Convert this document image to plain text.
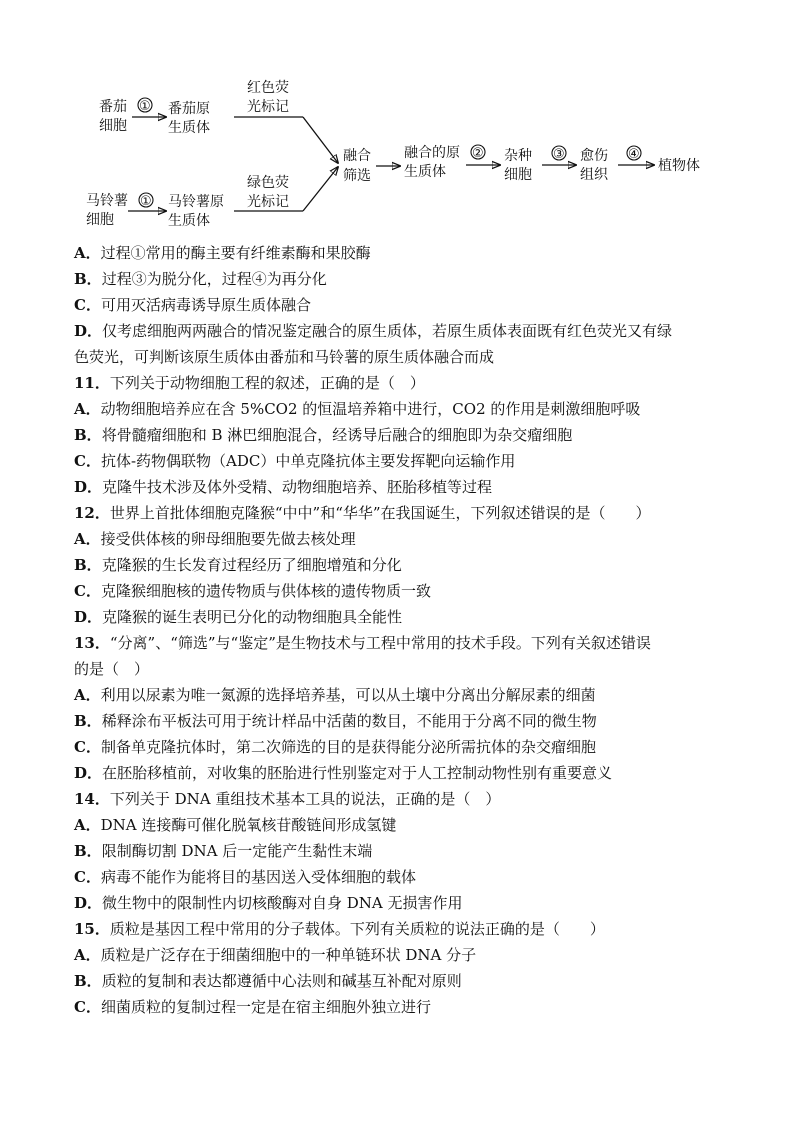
番茄
细胞
① 番茄原
生质体
红色荧
光标记
马铃薯
细胞
① 马铃薯原
生质体
绿色荧
光标记
融合
筛选
融合的原
生质体
② 杂种
细胞
③ 愈伤
组织
④
植物体
A．过程①常用的酶主要有纤维素酶和果胶酶
B．过程③为脱分化，过程④为再分化
C．可用灭活病毒诱导原生质体融合
D．仅考虑细胞两两融合的情况鉴定融合的原生质体，若原生质体表面既有红色荧光又有绿
色荧光，可判断该原生质体由番茄和马铃薯的原生质体融合而成
11．下列关于动物细胞工程的叙述，正确的是（　）
A．动物细胞培养应在含 5%CO2 的恒温培养箱中进行，CO2 的作用是刺激细胞呼吸
B．将骨髓瘤细胞和 B 淋巴细胞混合，经诱导后融合的细胞即为杂交瘤细胞
C．抗体-药物偶联物（ADC）中单克隆抗体主要发挥靶向运输作用
D．克隆牛技术涉及体外受精、动物细胞培养、胚胎移植等过程
12．世界上首批体细胞克隆猴“中中”和“华华”在我国诞生，下列叙述错误的是（　　）
A．接受供体核的卵母细胞要先做去核处理
B．克隆猴的生长发育过程经历了细胞增殖和分化
C．克隆猴细胞核的遗传物质与供体核的遗传物质一致
D．克隆猴的诞生表明已分化的动物细胞具全能性
13．“分离”、“筛选”与“鉴定”是生物技术与工程中常用的技术手段。下列有关叙述错误
的是（　）
A．利用以尿素为唯一氮源的选择培养基，可以从土壤中分离出分解尿素的细菌
B．稀释涂布平板法可用于统计样品中活菌的数目，不能用于分离不同的微生物
C．制备单克隆抗体时，第二次筛选的目的是获得能分泌所需抗体的杂交瘤细胞
D．在胚胎移植前，对收集的胚胎进行性别鉴定对于人工控制动物性别有重要意义
14．下列关于 DNA 重组技术基本工具的说法，正确的是（　）
A．DNA 连接酶可催化脱氧核苷酸链间形成氢键
B．限制酶切割 DNA 后一定能产生黏性末端
C．病毒不能作为能将目的基因送入受体细胞的载体
D．微生物中的限制性内切核酸酶对自身 DNA 无损害作用
15．质粒是基因工程中常用的分子载体。下列有关质粒的说法正确的是（　　）
A．质粒是广泛存在于细菌细胞中的一种单链环状 DNA 分子
B．质粒的复制和表达都遵循中心法则和碱基互补配对原则
C．细菌质粒的复制过程一定是在宿主细胞外独立进行
